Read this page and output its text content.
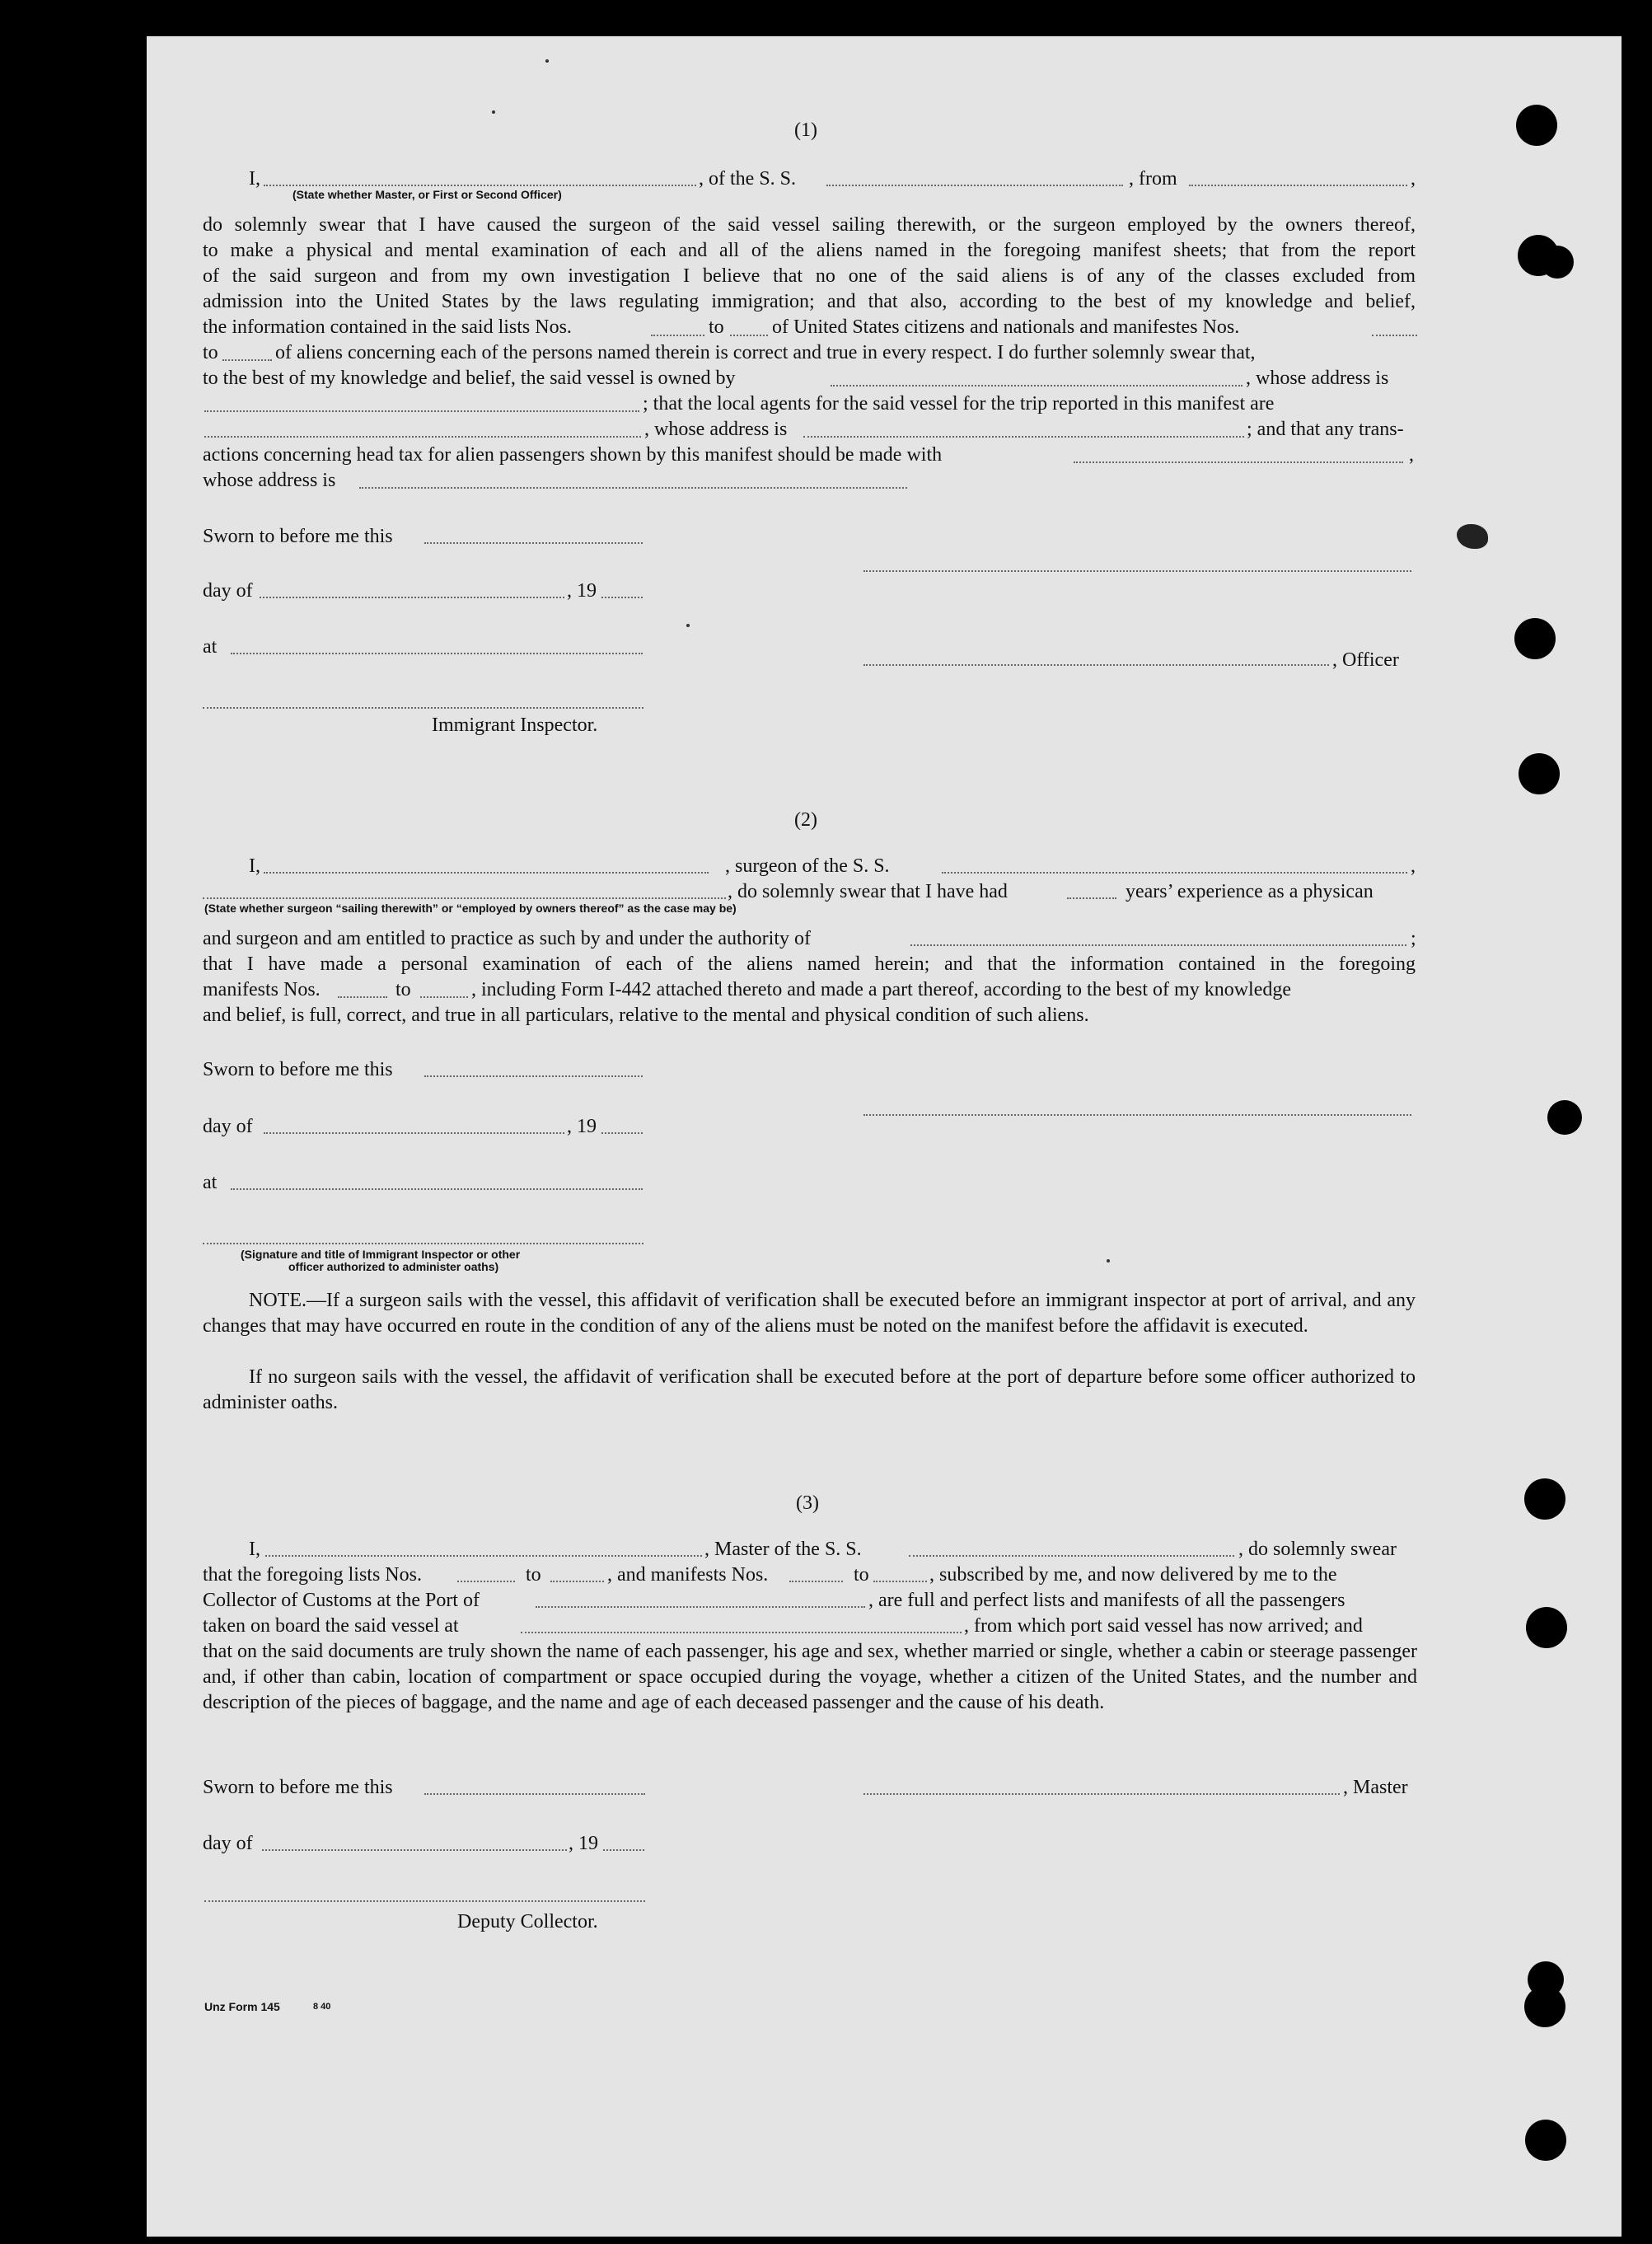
(1)
I,	, of the S. S.	, from	,
(State whether Master, or First or Second Officer)
do solemnly swear that I have caused the surgeon of the said vessel sailing therewith, or the surgeon employed by the owners thereof,
to make a physical and mental examination of each and all of the aliens named in the foregoing manifest sheets; that from the report
of the said surgeon and from my own investigation I believe that no one of the said aliens is of any of the classes excluded from
admission into the United States by the laws regulating immigration; and that also, according to the best of my knowledge and belief,
the information contained in the said lists Nos.	to of United States citizens and nationals and manifestes Nos.
to	of aliens concerning each of the persons named therein is correct and true in every respect. I do further solemnly swear that,
to the best of my knowledge and belief, the said vessel is owned by	, whose address is
; that the local agents for the said vessel for the trip reported in this manifest are
, whose address is	; and that any trans-
actions concerning head tax for alien passengers shown by this manifest should be made with	,
whose address is
Sworn to before me this
day of	, 19
at
, Officer
Immigrant Inspector.
(2)
I,	, surgeon of the S. S.	,
, do solemnly swear that I have had	years’ experience as a physican
(State whether surgeon “sailing therewith” or “employed by owners thereof” as the case may be)
and surgeon and am entitled to practice as such by and under the authority of	;
that I have made a personal examination of each of the aliens named herein; and that the information contained in the foregoing
manifests Nos.	to	, including Form I-442 attached thereto and made a part thereof, according to the best of my knowledge
and belief, is full, correct, and true in all particulars, relative to the mental and physical condition of such aliens.
Sworn to before me this
day of	, 19
at
(Signature and title of Immigrant Inspector or other
officer authorized to administer oaths)
NOTE.—If a surgeon sails with the vessel, this affidavit of verification shall be executed before an immigrant inspector at port of arrival, and any changes that may have occurred en route in the condition of any of the aliens must be noted on the manifest before the affidavit is executed.
If no surgeon sails with the vessel, the affidavit of verification shall be executed before at the port of departure before some officer authorized to administer oaths.
(3)
I,	, Master of the S. S.	, do solemnly swear
that the foregoing lists Nos.	to	, and manifests Nos.	to	, subscribed by me, and now delivered by me to the
Collector of Customs at the Port of	, are full and perfect lists and manifests of all the passengers
taken on board the said vessel at	, from which port said vessel has now arrived; and
that on the said documents are truly shown the name of each passenger, his age and sex, whether married or single, whether a cabin or steerage passenger and, if other than cabin, location of compartment or space occupied during the voyage, whether a citizen of the United States, and the number and description of the pieces of baggage, and the name and age of each deceased passenger and the cause of his death.
Sworn to before me this	, Master
day of	, 19
Deputy Collector.
Unz Form 145	8 40
